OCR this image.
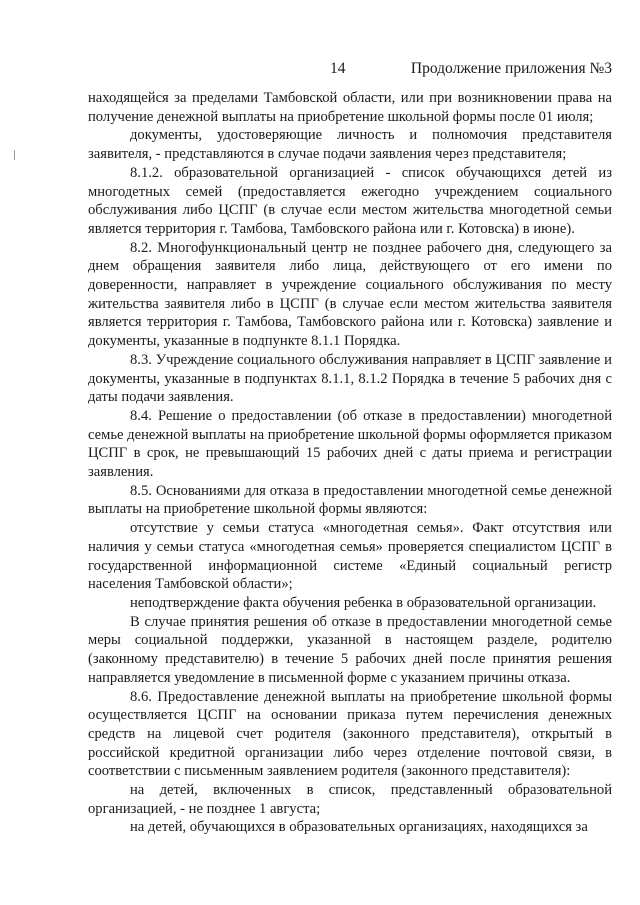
14	Продолжение приложения №3

находящейся за пределами Тамбовской области, или при возникновении права на получение денежной выплаты на приобретение школьной формы после 01 июля;

документы, удостоверяющие личность и полномочия представителя заявителя, - представляются в случае подачи заявления через представителя;

8.1.2. образовательной организацией - список обучающихся детей из многодетных семей (предоставляется ежегодно учреждением социального обслуживания либо ЦСПГ (в случае если местом жительства многодетной семьи является территория г. Тамбова, Тамбовского района или г. Котовска) в июне).

8.2. Многофункциональный центр не позднее рабочего дня, следующего за днем обращения заявителя либо лица, действующего от его имени по доверенности, направляет в учреждение социального обслуживания по месту жительства заявителя либо в ЦСПГ (в случае если местом жительства заявителя является территория г. Тамбова, Тамбовского района или г. Котовска) заявление и документы, указанные в подпункте 8.1.1 Порядка.

8.3. Учреждение социального обслуживания направляет в ЦСПГ заявление и документы, указанные в подпунктах 8.1.1, 8.1.2 Порядка в течение 5 рабочих дня с даты подачи заявления.

8.4. Решение о предоставлении (об отказе в предоставлении) многодетной семье денежной выплаты на приобретение школьной формы оформляется приказом ЦСПГ в срок, не превышающий 15 рабочих дней с даты приема и регистрации заявления.

8.5. Основаниями для отказа в предоставлении многодетной семье денежной выплаты на приобретение школьной формы являются:

отсутствие у семьи статуса «многодетная семья». Факт отсутствия или наличия у семьи статуса «многодетная семья» проверяется специалистом ЦСПГ в государственной информационной системе «Единый социальный регистр населения Тамбовской области»;

неподтверждение факта обучения ребенка в образовательной организации.

В случае принятия решения об отказе в предоставлении многодетной семье меры социальной поддержки, указанной в настоящем разделе, родителю (законному представителю) в течение 5 рабочих дней после принятия решения направляется уведомление в письменной форме с указанием причины отказа.

8.6. Предоставление денежной выплаты на приобретение школьной формы осуществляется ЦСПГ на основании приказа путем перечисления денежных средств на лицевой счет родителя (законного представителя), открытый в российской кредитной организации либо через отделение почтовой связи, в соответствии с письменным заявлением родителя (законного представителя):

на детей, включенных в список, представленный образовательной организацией, - не позднее 1 августа;

на детей, обучающихся в образовательных организациях, находящихся за
